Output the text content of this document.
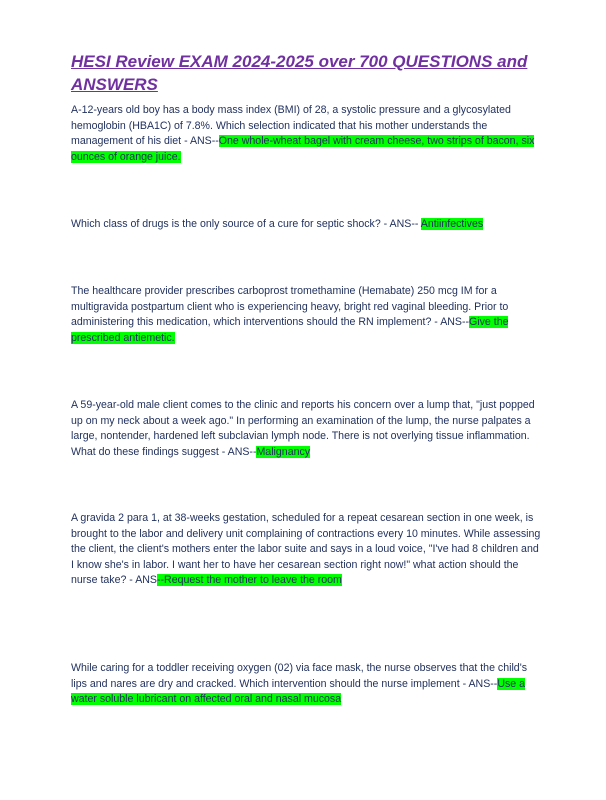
HESI Review EXAM 2024-2025 over 700 QUESTIONS and ANSWERS

A-12-years old boy has a body mass index (BMI) of 28, a systolic pressure and a glycosylated hemoglobin (HBA1C) of 7.8%. Which selection indicated that his mother understands the management of his diet - ANS--One whole-wheat bagel with cream cheese, two strips of bacon, six ounces of orange juice.

Which class of drugs is the only source of a cure for septic shock? - ANS-- Antiinfectives

The healthcare provider prescribes carboprost tromethamine (Hemabate) 250 mcg IM for a multigravida postpartum client who is experiencing heavy, bright red vaginal bleeding. Prior to administering this medication, which interventions should the RN implement? - ANS--Give the prescribed antiemetic.

A 59-year-old male client comes to the clinic and reports his concern over a lump that, "just popped up on my neck about a week ago." In performing an examination of the lump, the nurse palpates a large, nontender, hardened left subclavian lymph node. There is not overlying tissue inflammation. What do these findings suggest - ANS--Malignancy

A gravida 2 para 1, at 38-weeks gestation, scheduled for a repeat cesarean section in one week, is brought to the labor and delivery unit complaining of contractions every 10 minutes. While assessing the client, the client's mothers enter the labor suite and says in a loud voice, "I've had 8 children and I know she's in labor. I want her to have her cesarean section right now!" what action should the nurse take? - ANS--Request the mother to leave the room

While caring for a toddler receiving oxygen (02) via face mask, the nurse observes that the child's lips and nares are dry and cracked. Which intervention should the nurse implement - ANS--Use a water soluble lubricant on affected oral and nasal mucosa
